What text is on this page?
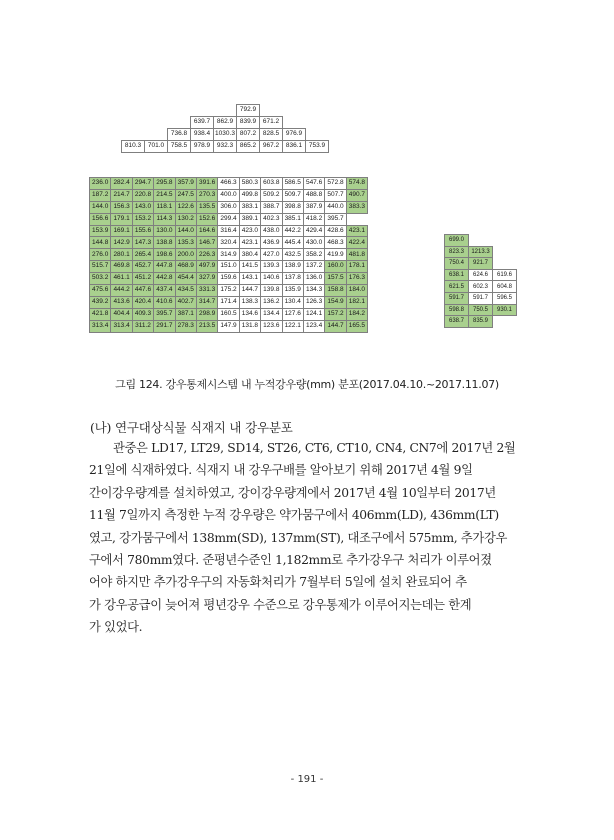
					792.9			
			639.7	862.9	839.9	671.2		
		736.8	938.4	1030.3	807.2	828.5	976.9	
810.3	701.0	758.5	978.9	932.3	865.2	967.2	836.1	753.9
236.0	282.4	294.7	295.8	357.9	391.6	466.3	580.3	603.8	586.5	547.6	572.8	574.8
187.2	214.7	220.8	214.5	247.5	270.3	400.0	499.8	509.2	509.7	488.8	507.7	490.7
144.0	156.3	143.0	118.1	122.6	135.5	306.0	383.1	388.7	398.8	387.9	440.0	383.3
156.6	179.1	153.2	114.3	130.2	152.6	299.4	389.1	402.3	385.1	418.2	395.7	
153.9	169.1	155.6	130.0	144.0	164.6	316.4	423.0	438.0	442.2	429.4	428.6	423.1
144.8	142.9	147.3	138.8	135.3	146.7	320.4	423.1	436.9	445.4	430.0	468.3	422.4
276.0	280.1	265.4	198.6	200.0	226.3	314.9	380.4	427.0	432.5	358.2	419.9	481.8
515.7	469.8	452.7	447.8	468.9	497.9	151.0	141.5	139.3	138.9	137.2	160.0	178.1
503.2	461.1	451.2	442.8	454.4	327.9	159.6	143.1	140.6	137.8	136.0	157.5	176.3
475.6	444.2	447.6	437.4	434.5	331.3	175.2	144.7	139.8	135.9	134.3	158.8	184.0
439.2	413.6	420.4	410.6	402.7	314.7	171.4	138.3	136.2	130.4	126.3	154.9	182.1
421.8	404.4	409.3	395.7	387.1	298.9	160.5	134.6	134.4	127.6	124.1	157.2	184.2
313.4	313.4	311.2	291.7	278.3	213.5	147.9	131.8	123.6	122.1	123.4	144.7	165.5
699.0		
823.3	1213.3	
750.4	921.7	
638.1	624.6	619.6
621.5	602.3	604.8
591.7	591.7	596.5
598.8	750.5	930.1
638.7	835.9	
그림 124. 강우통제시스템 내 누적강우량(mm) 분포(2017.04.10.~2017.11.07)
(나) 연구대상식물 식재지 내 강우분포
관중은 LD17, LT29, SD14, ST26, CT6, CT10, CN4, CN7에 2017년 2월
21일에 식재하였다. 식재지 내 강우구배를 알아보기 위해 2017년 4월 9일
간이강우량계를 설치하였고, 강이강우량계에서 2017년 4월 10일부터 2017년
11월 7일까지 측정한 누적 강우량은 약가뭄구에서 406mm(LD), 436mm(LT)
였고, 강가뭄구에서 138mm(SD), 137mm(ST), 대조구에서 575mm, 추가강우
구에서 780mm였다. 준평년수준인 1,182mm로 추가강우구 처리가 이루어졌
어야 하지만 추가강우구의 자동화처리가 7월부터 5일에 설치 완료되어 추
가 강우공급이 늦어져 평년강우 수준으로 강우통제가 이루어지는데는 한계
가 있었다.
- 191 -
